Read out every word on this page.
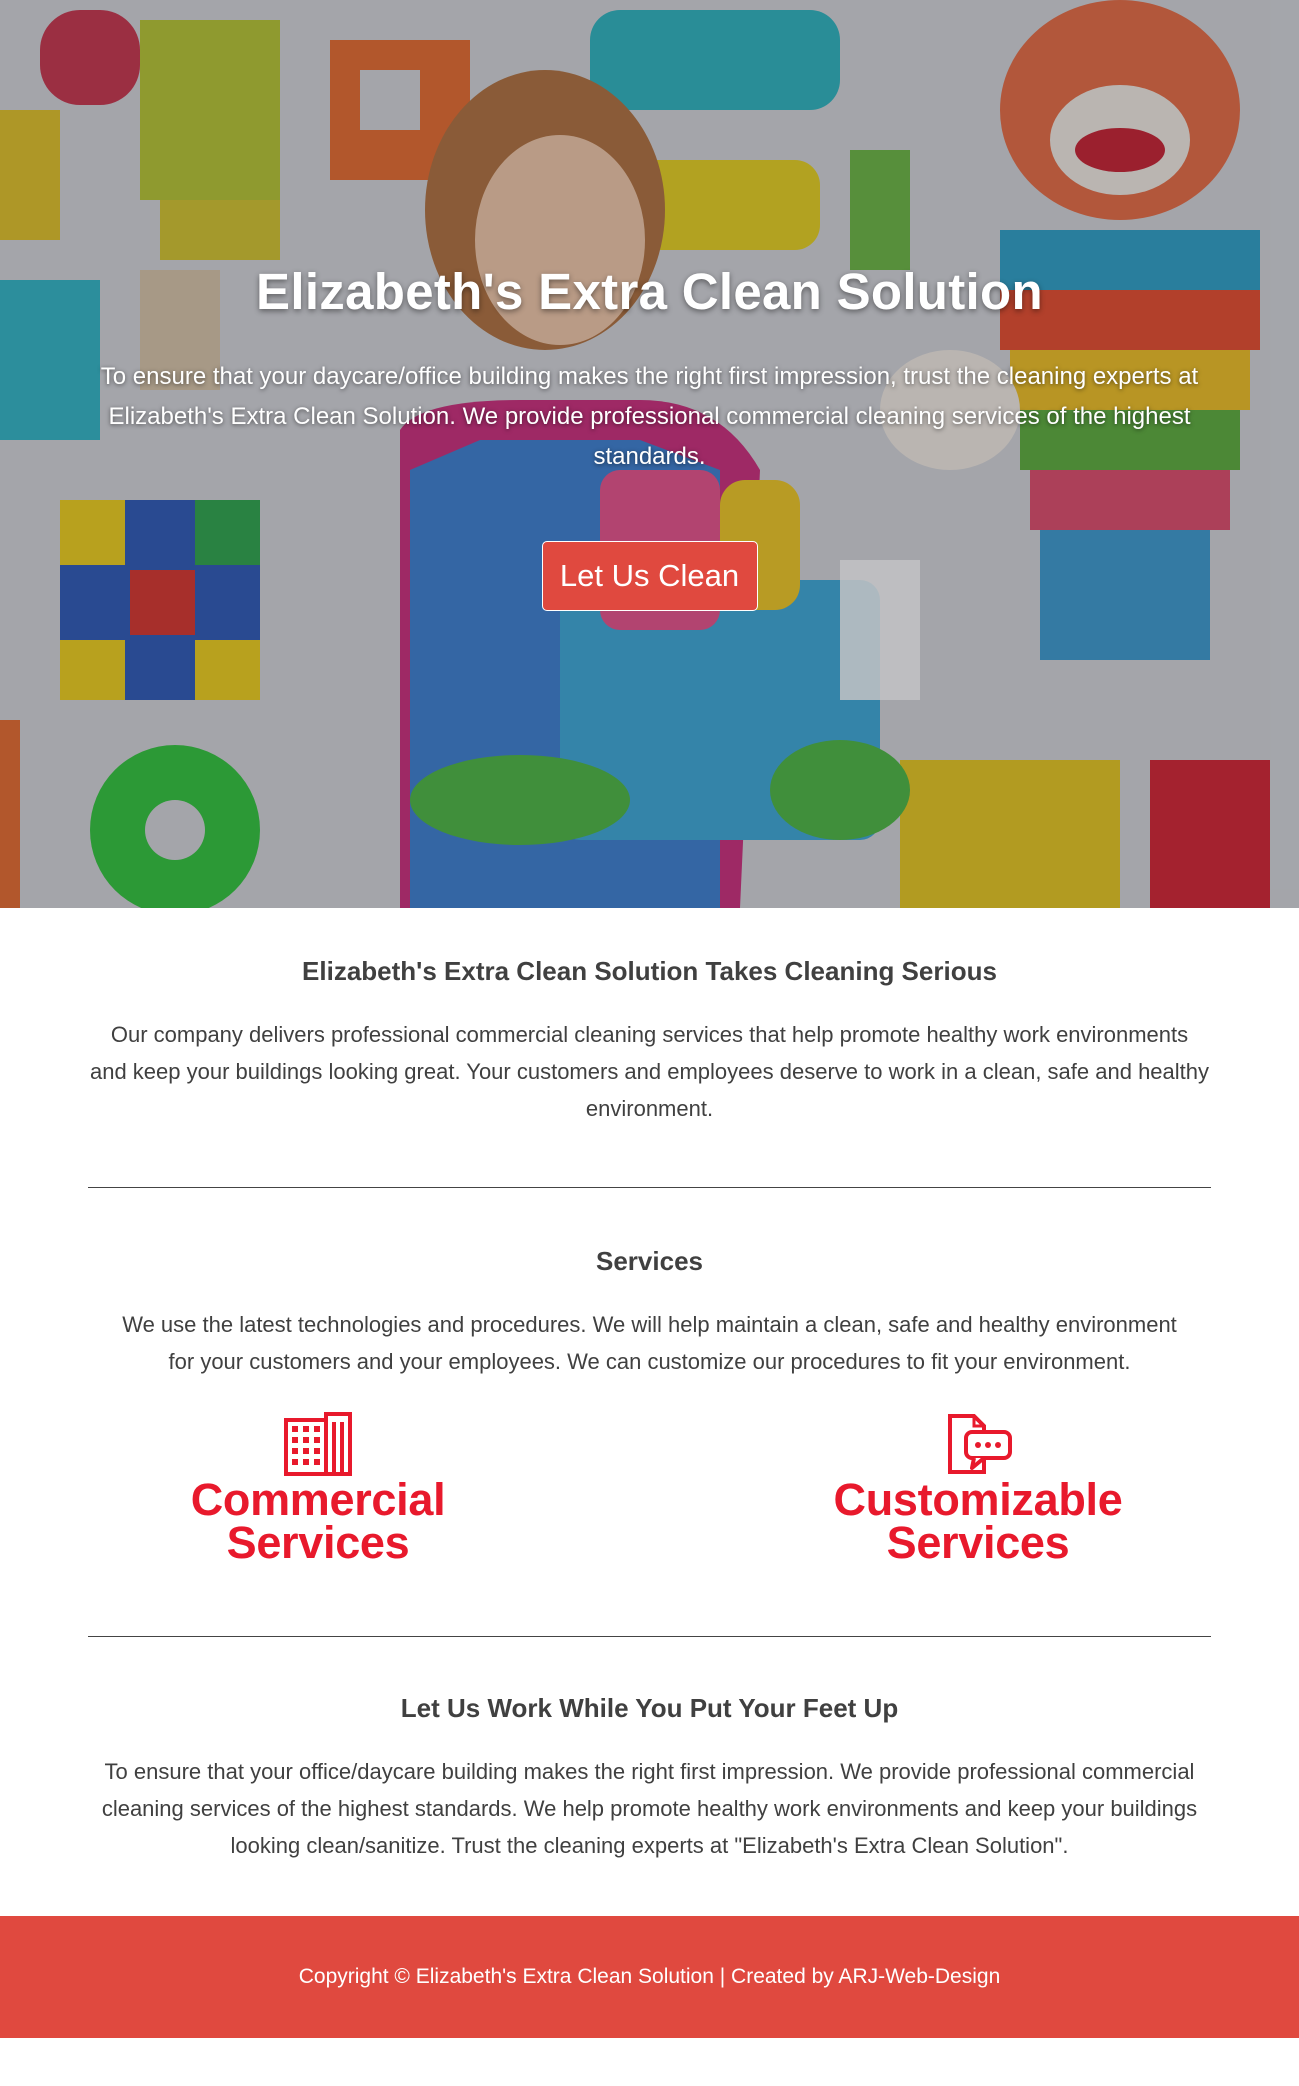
Elizabeth's Extra Clean Solution

To ensure that your daycare/office building makes the right first impression, trust the cleaning experts at Elizabeth's Extra Clean Solution. We provide professional commercial cleaning services of the highest standards.

Let Us Clean
Elizabeth's Extra Clean Solution Takes Cleaning Serious

Our company delivers professional commercial cleaning services that help promote healthy work environments and keep your buildings looking great. Your customers and employees deserve to work in a clean, safe and healthy environment.

Services

We use the latest technologies and procedures. We will help maintain a clean, safe and healthy environment for your customers and your employees. We can customize our procedures to fit your environment.

Commercial
Services
Customizable
Services
Let Us Work While You Put Your Feet Up

To ensure that your office/daycare building makes the right first impression. We provide professional commercial cleaning services of the highest standards. We help promote healthy work environments and keep your buildings looking clean/sanitize. Trust the cleaning experts at "Elizabeth's Extra Clean Solution".

Copyright © Elizabeth's Extra Clean Solution | Created by ARJ-Web-Design
